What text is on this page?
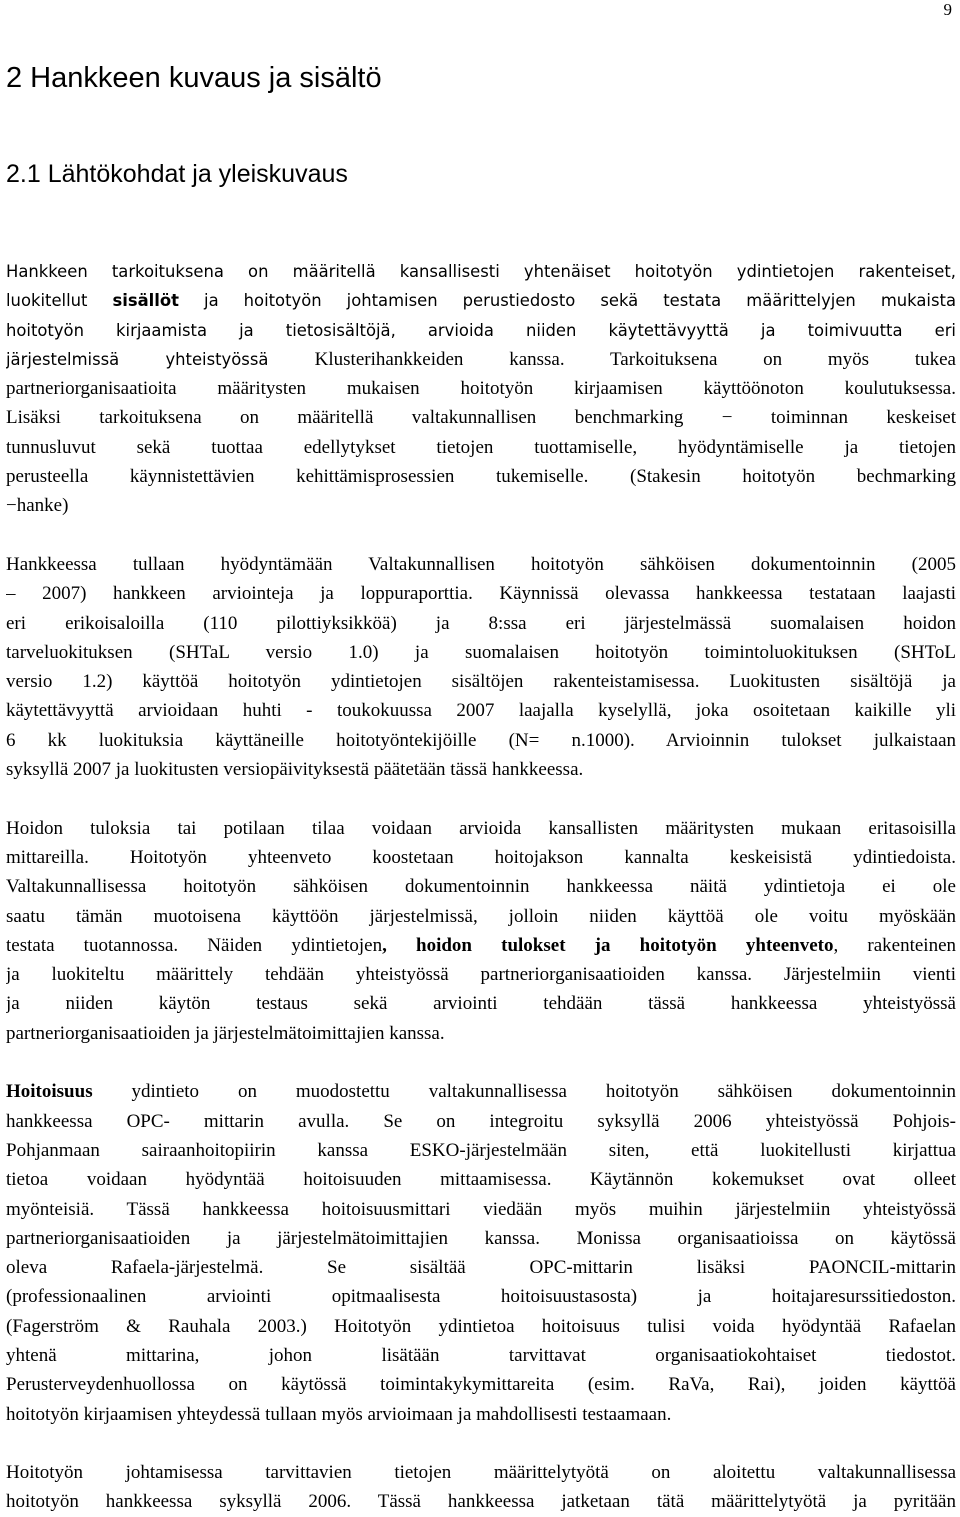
9
2 Hankkeen kuvaus ja sisältö
2.1 Lähtökohdat ja yleiskuvaus
Hankkeen tarkoituksena on määritellä kansallisesti yhtenäiset hoitotyön ydintietojen rakenteiset,
luokitellut sisällöt ja hoitotyön johtamisen perustiedosto sekä testata määrittelyjen mukaista
hoitotyön kirjaamista ja tietosisältöjä, arvioida niiden käytettävyyttä ja toimivuutta eri
järjestelmissä yhteistyössä Klusterihankkeiden kanssa. Tarkoituksena on myös tukea
partneriorganisaatioita määritysten mukaisen hoitotyön kirjaamisen käyttöönoton koulutuksessa.
Lisäksi tarkoituksena on määritellä valtakunnallisen benchmarking − toiminnan keskeiset
tunnusluvut sekä tuottaa edellytykset tietojen tuottamiselle, hyödyntämiselle ja tietojen
perusteella käynnistettävien kehittämisprosessien tukemiselle. (Stakesin hoitotyön bechmarking
−hanke)
Hankkeessa tullaan hyödyntämään Valtakunnallisen hoitotyön sähköisen dokumentoinnin (2005
– 2007) hankkeen arviointeja ja loppuraporttia. Käynnissä olevassa hankkeessa testataan laajasti
eri erikoisaloilla (110 pilottiyksikköä) ja 8:ssa eri järjestelmässä suomalaisen hoidon
tarveluokituksen (SHTaL versio 1.0) ja suomalaisen hoitotyön toimintoluokituksen (SHToL
versio 1.2) käyttöä hoitotyön ydintietojen sisältöjen rakenteistamisessa. Luokitusten sisältöjä ja
käytettävyyttä arvioidaan huhti - toukokuussa 2007 laajalla kyselyllä, joka osoitetaan kaikille yli
6 kk luokituksia käyttäneille hoitotyöntekijöille (N= n.1000). Arvioinnin tulokset julkaistaan
syksyllä 2007 ja luokitusten versiopäivityksestä päätetään tässä hankkeessa.
Hoidon tuloksia tai potilaan tilaa voidaan arvioida kansallisten määritysten mukaan eritasoisilla
mittareilla. Hoitotyön yhteenveto koostetaan hoitojakson kannalta keskeisistä ydintiedoista.
Valtakunnallisessa hoitotyön sähköisen dokumentoinnin hankkeessa näitä ydintietoja ei ole
saatu tämän muotoisena käyttöön järjestelmissä, jolloin niiden käyttöä ole voitu myöskään
testata tuotannossa. Näiden ydintietojen, hoidon tulokset ja hoitotyön yhteenveto, rakenteinen
ja luokiteltu määrittely tehdään yhteistyössä partneriorganisaatioiden kanssa. Järjestelmiin vienti
ja niiden käytön testaus sekä arviointi tehdään tässä hankkeessa yhteistyössä
partneriorganisaatioiden ja järjestelmätoimittajien kanssa.
Hoitoisuus ydintieto on muodostettu valtakunnallisessa hoitotyön sähköisen dokumentoinnin
hankkeessa OPC- mittarin avulla. Se on integroitu syksyllä 2006 yhteistyössä Pohjois-
Pohjanmaan sairaanhoitopiirin kanssa ESKO-järjestelmään siten, että luokitellusti kirjattua
tietoa voidaan hyödyntää hoitoisuuden mittaamisessa. Käytännön kokemukset ovat olleet
myönteisiä. Tässä hankkeessa hoitoisuusmittari viedään myös muihin järjestelmiin yhteistyössä
partneriorganisaatioiden ja järjestelmätoimittajien kanssa. Monissa organisaatioissa on käytössä
oleva Rafaela-järjestelmä. Se sisältää OPC-mittarin lisäksi PAONCIL-mittarin
(professionaalinen arviointi opitmaalisesta hoitoisuustasosta) ja hoitajaresurssitiedoston.
(Fagerström & Rauhala 2003.) Hoitotyön ydintietoa hoitoisuus tulisi voida hyödyntää Rafaelan
yhtenä mittarina, johon lisätään tarvittavat organisaatiokohtaiset tiedostot.
Perusterveydenhuollossa on käytössä toimintakykymittareita (esim. RaVa, Rai), joiden käyttöä
hoitotyön kirjaamisen yhteydessä tullaan myös arvioimaan ja mahdollisesti testaamaan.
Hoitotyön johtamisessa tarvittavien tietojen määrittelytyötä on aloitettu valtakunnallisessa
hoitotyön hankkeessa syksyllä 2006. Tässä hankkeessa jatketaan tätä määrittelytyötä ja pyritään
